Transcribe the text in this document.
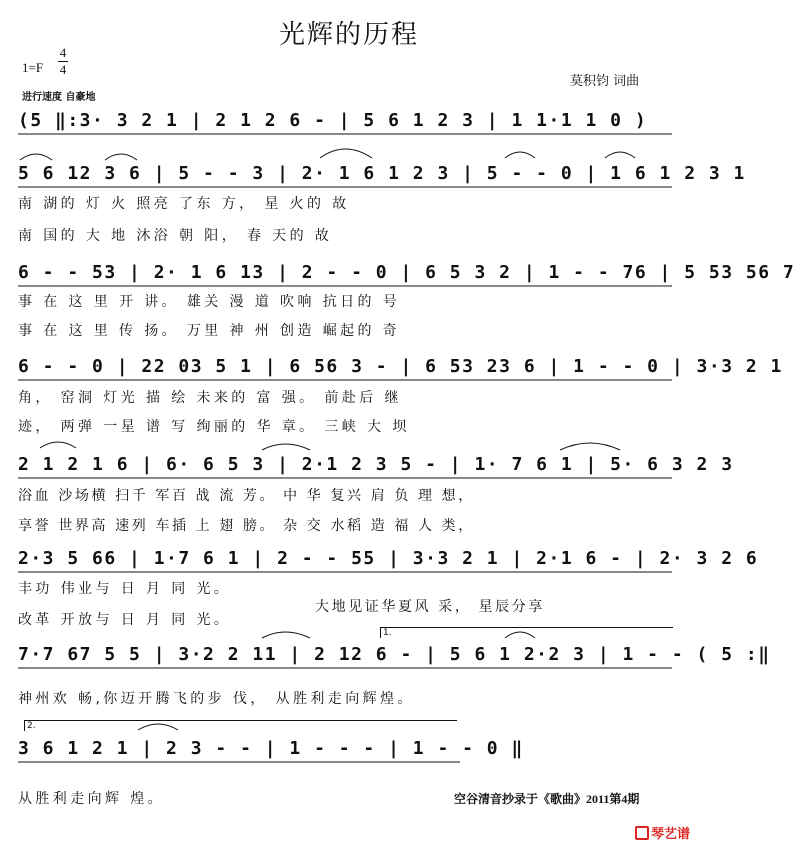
光辉的历程
1=F
4
4
进行速度 自豪地
莫积钧 词曲
(5 ‖:3· 3 2 1 | 2 1 2 6 - | 5 6 1 2 3 | 1 1·1 1 0 )
5 6 12 3 6 | 5 - - 3 | 2· 1 6 1 2 3 | 5 - - 0 | 1 6 1 2 3 1
南 湖的 灯 火 照亮 了东 方， 星 火的 故
南 国的 大 地 沐浴 朝 阳， 春 天的 故
6 - - 53 | 2· 1 6 13 | 2 - - 0 | 6 5 3 2 | 1 - - 76 | 5 53 56 7
事 在 这 里 开 讲。 雄关 漫 道 吹响 抗日的 号
事 在 这 里 传 扬。 万里 神 州 创造 崛起的 奇
6 - - 0 | 22 03 5 1 | 6 56 3 - | 6 53 23 6 | 1 - - 0 | 3·3 2 1
角， 窑洞 灯光 描 绘 未来的 富 强。 前赴后 继
迹， 两弹 一星 谱 写 绚丽的 华 章。 三峡 大 坝
2 1 2 1 6 | 6· 6 5 3 | 2·1 2 3 5 - | 1· 7 6 1 | 5· 6 3 2 3
浴血 沙场横 扫千 军百 战 流 芳。 中 华 复兴 肩 负 理 想，
享誉 世界高 速列 车插 上 翅 膀。 杂 交 水稻 造 福 人 类，
2·3 5 66 | 1·7 6 1 | 2 - - 55 | 3·3 2 1 | 2·1 6 - | 2· 3 2 6
丰功 伟业与 日 月 同 光。
大地见证华夏风 采， 星辰分享
改革 开放与 日 月 同 光。
1.
7·7 67 5 5 | 3·2 2 11 | 2 12 6 - | 5 6 1 2·2 3 | 1 - - ( 5 :‖
神州欢 畅,你迈开腾飞的步 伐， 从胜利走向辉煌。
2.
3 6 1 2 1 | 2 3 - - | 1 - - - | 1 - - 0 ‖
从胜利走向辉 煌。	空谷清音抄录于《歌曲》2011第4期
琴艺谱
